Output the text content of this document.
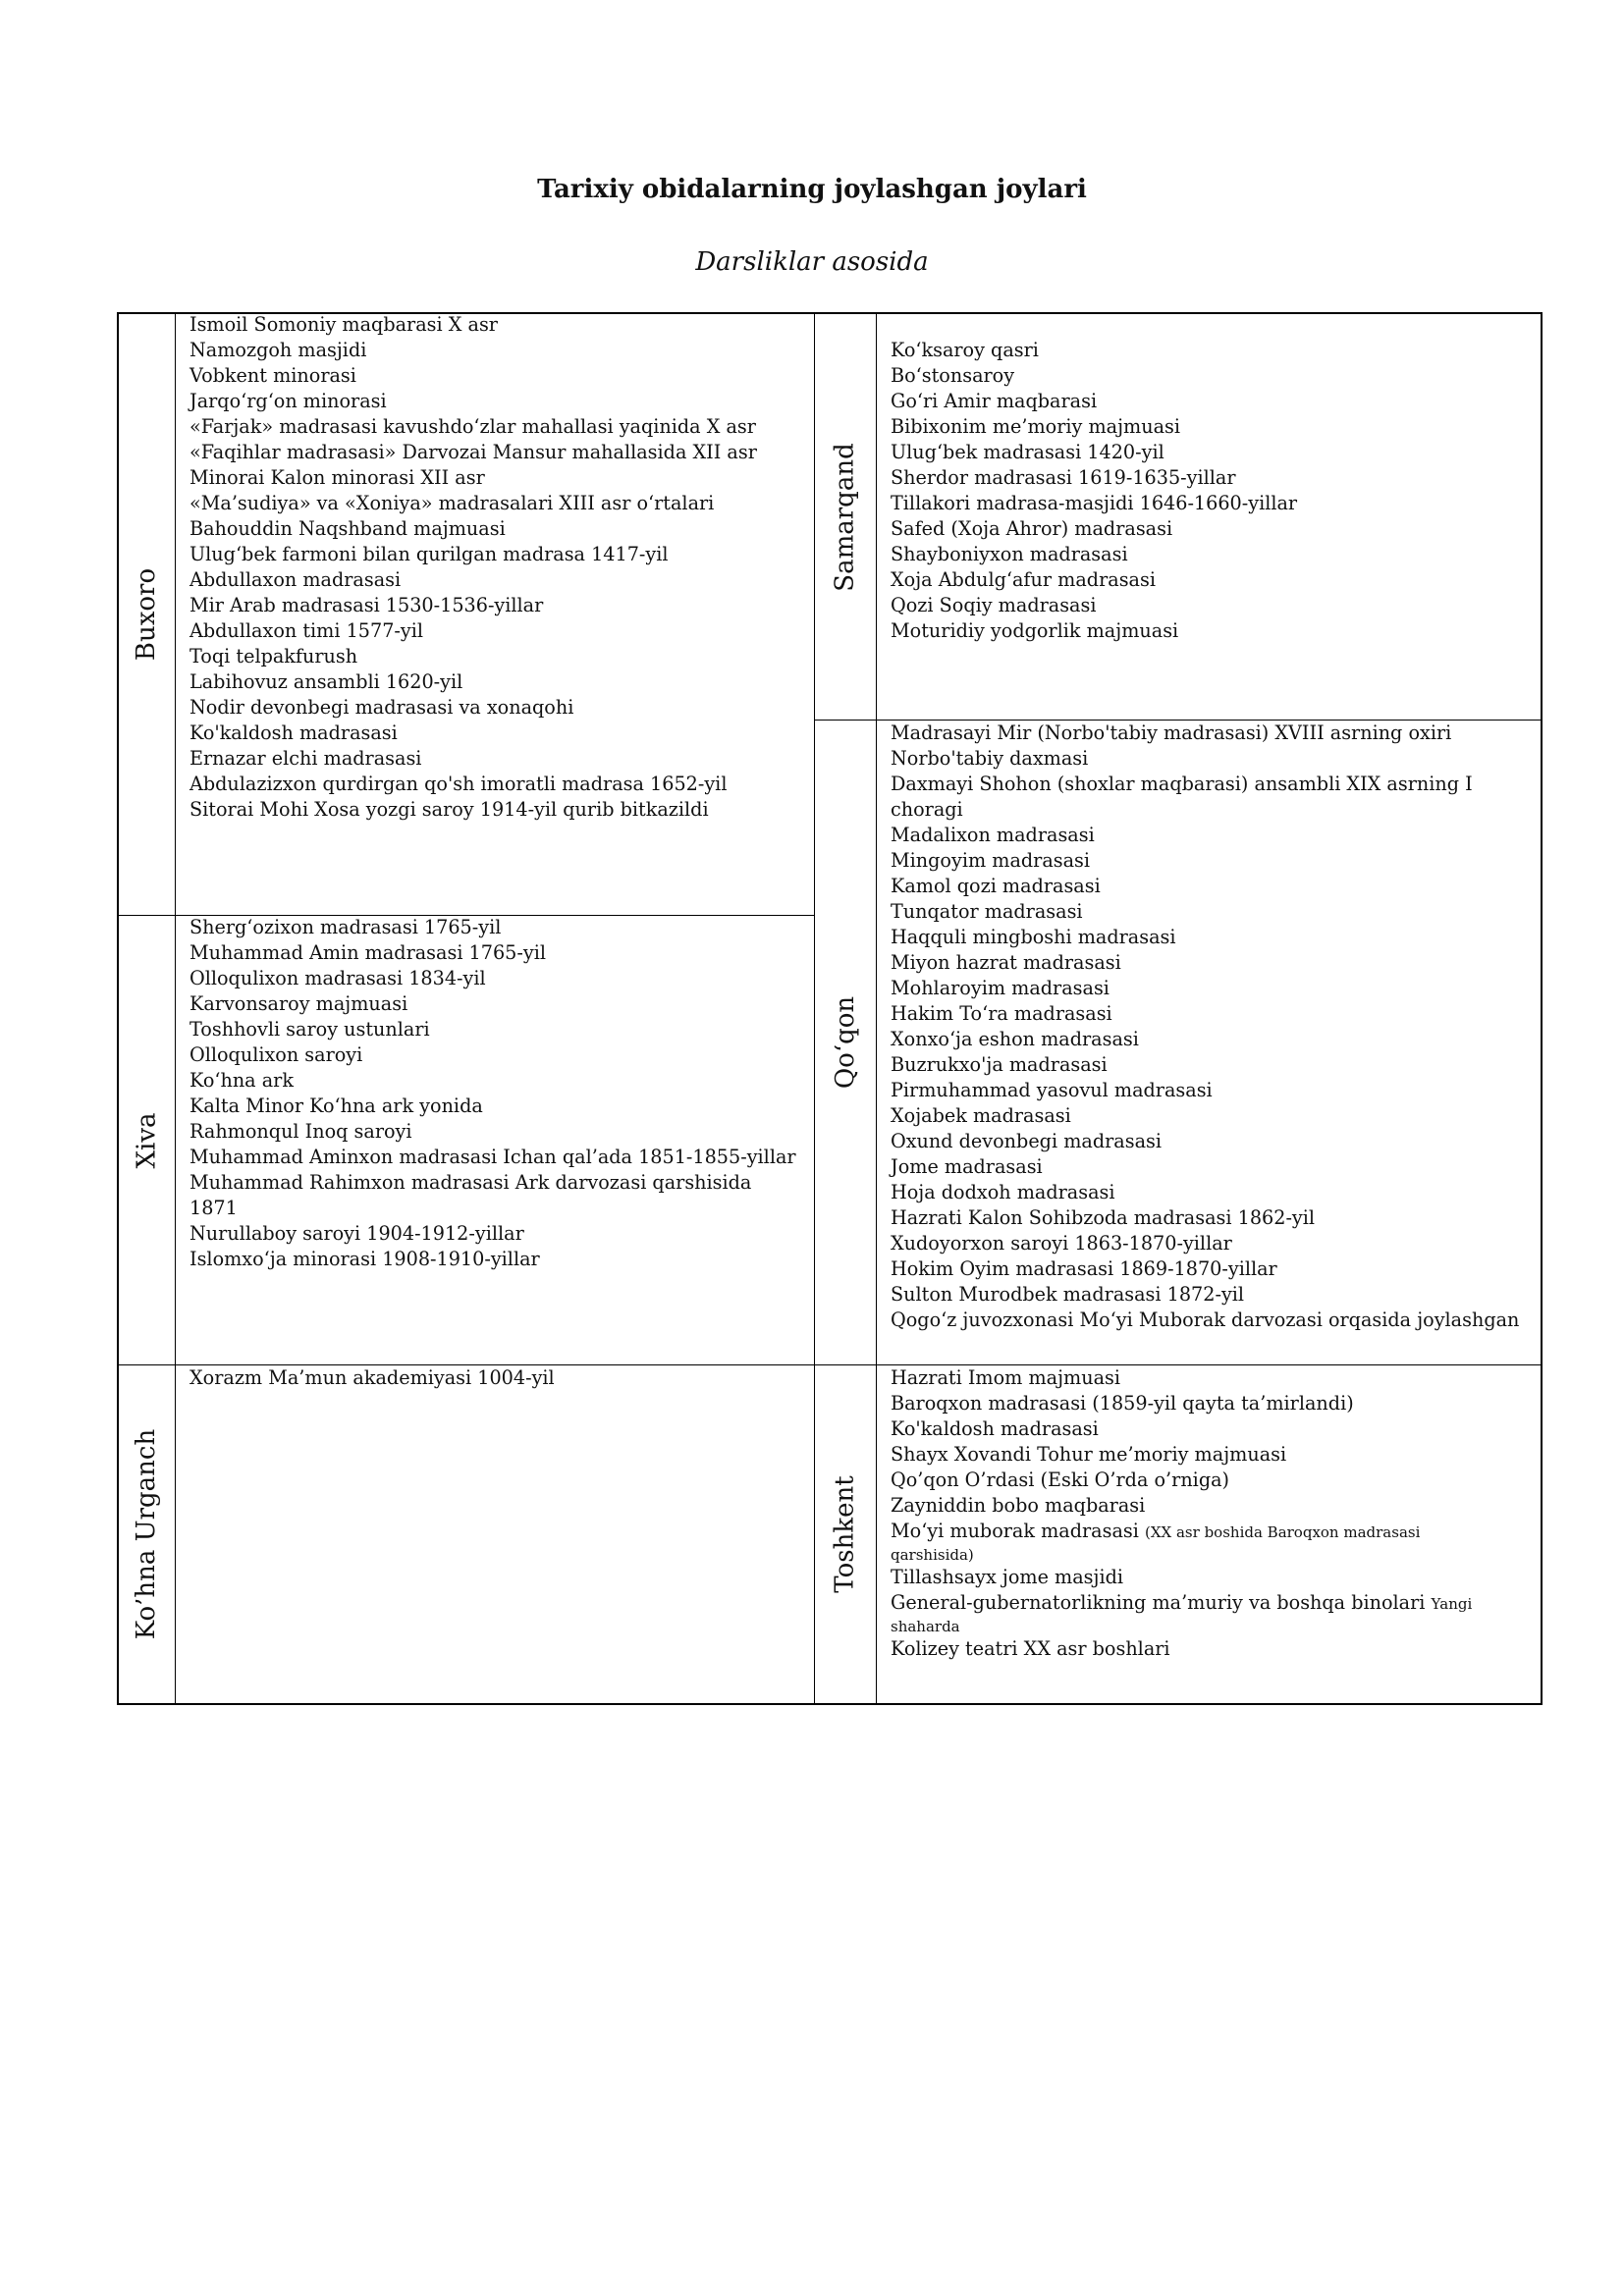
Tarixiy obidalarning joylashgan joylari
Darsliklar asosida
Buxoro
Xiva
Ko’hna Urganch
Samarqand
Qo‘qon
Toshkent
Ismoil Somoniy maqbarasi X asr
Namozgoh masjidi
Vobkent minorasi
Jarqo‘rg‘on minorasi
«Farjak» madrasasi kavushdo‘zlar mahallasi yaqinida X asr
«Faqihlar madrasasi» Darvozai Mansur mahallasida XII asr
Minorai Kalon minorasi XII asr
«Ma’sudiya» va «Xoniya» madrasalari XIII asr o‘rtalari
Bahouddin Naqshband majmuasi
Ulug‘bek farmoni bilan qurilgan madrasa 1417-yil
Abdullaxon madrasasi
Mir Arab madrasasi 1530-1536-yillar
Abdullaxon timi 1577-yil
Toqi telpakfurush
Labihovuz ansambli 1620-yil
Nodir devonbegi madrasasi va xonaqohi
Ko'kaldosh madrasasi
Ernazar elchi madrasasi
Abdulazizxon qurdirgan qo'sh imoratli madrasa 1652-yil
Sitorai Mohi Xosa yozgi saroy 1914-yil qurib bitkazildi
Sherg‘ozixon madrasasi 1765-yil
Muhammad Amin madrasasi 1765-yil
Olloqulixon madrasasi 1834-yil
Karvonsaroy majmuasi
Toshhovli saroy ustunlari
Olloqulixon saroyi
Ko‘hna ark
Kalta Minor Ko‘hna ark yonida
Rahmonqul Inoq saroyi
Muhammad Aminxon madrasasi Ichan qal’ada 1851-1855-yillar
Muhammad Rahimxon madrasasi Ark darvozasi qarshisida
1871
Nurullaboy saroyi 1904-1912-yillar
Islomxo‘ja minorasi 1908-1910-yillar
Xorazm Ma’mun akademiyasi 1004-yil
Ko‘ksaroy qasri
Bo‘stonsaroy
Go‘ri Amir maqbarasi
Bibixonim me’moriy majmuasi
Ulug‘bek madrasasi 1420-yil
Sherdor madrasasi 1619-1635-yillar
Tillakori madrasa-masjidi 1646-1660-yillar
Safed (Xoja Ahror) madrasasi
Shayboniyxon madrasasi
Xoja Abdulg‘afur madrasasi
Qozi Soqiy madrasasi
Moturidiy yodgorlik majmuasi
Madrasayi Mir (Norbo'tabiy madrasasi) XVIII asrning oxiri
Norbo'tabiy daxmasi
Daxmayi Shohon (shoxlar maqbarasi) ansambli XIX asrning I
choragi
Madalixon madrasasi
Mingoyim madrasasi
Kamol qozi madrasasi
Tunqator madrasasi
Haqquli mingboshi madrasasi
Miyon hazrat madrasasi
Mohlaroyim madrasasi
Hakim To‘ra madrasasi
Xonxo‘ja eshon madrasasi
Buzrukxo'ja madrasasi
Pirmuhammad yasovul madrasasi
Xojabek madrasasi
Oxund devonbegi madrasasi
Jome madrasasi
Hoja dodxoh madrasasi
Hazrati Kalon Sohibzoda madrasasi 1862-yil
Xudoyorxon saroyi 1863-1870-yillar
Hokim Oyim madrasasi 1869-1870-yillar
Sulton Murodbek madrasasi 1872-yil
Qogo‘z juvozxonasi Mo‘yi Muborak darvozasi orqasida joylashgan
Hazrati Imom majmuasi
Baroqxon madrasasi (1859-yil qayta ta’mirlandi)
Ko'kaldosh madrasasi
Shayx Xovandi Tohur me’moriy majmuasi
Qo’qon O’rdasi (Eski O’rda o’rniga)
Zayniddin bobo maqbarasi
Mo‘yi muborak madrasasi (XX asr boshida Baroqxon madrasasi
qarshisida)
Tillashsayx jome masjidi
General-gubernatorlikning ma’muriy va boshqa binolari Yangi
shaharda
Kolizey teatri XX asr boshlari
